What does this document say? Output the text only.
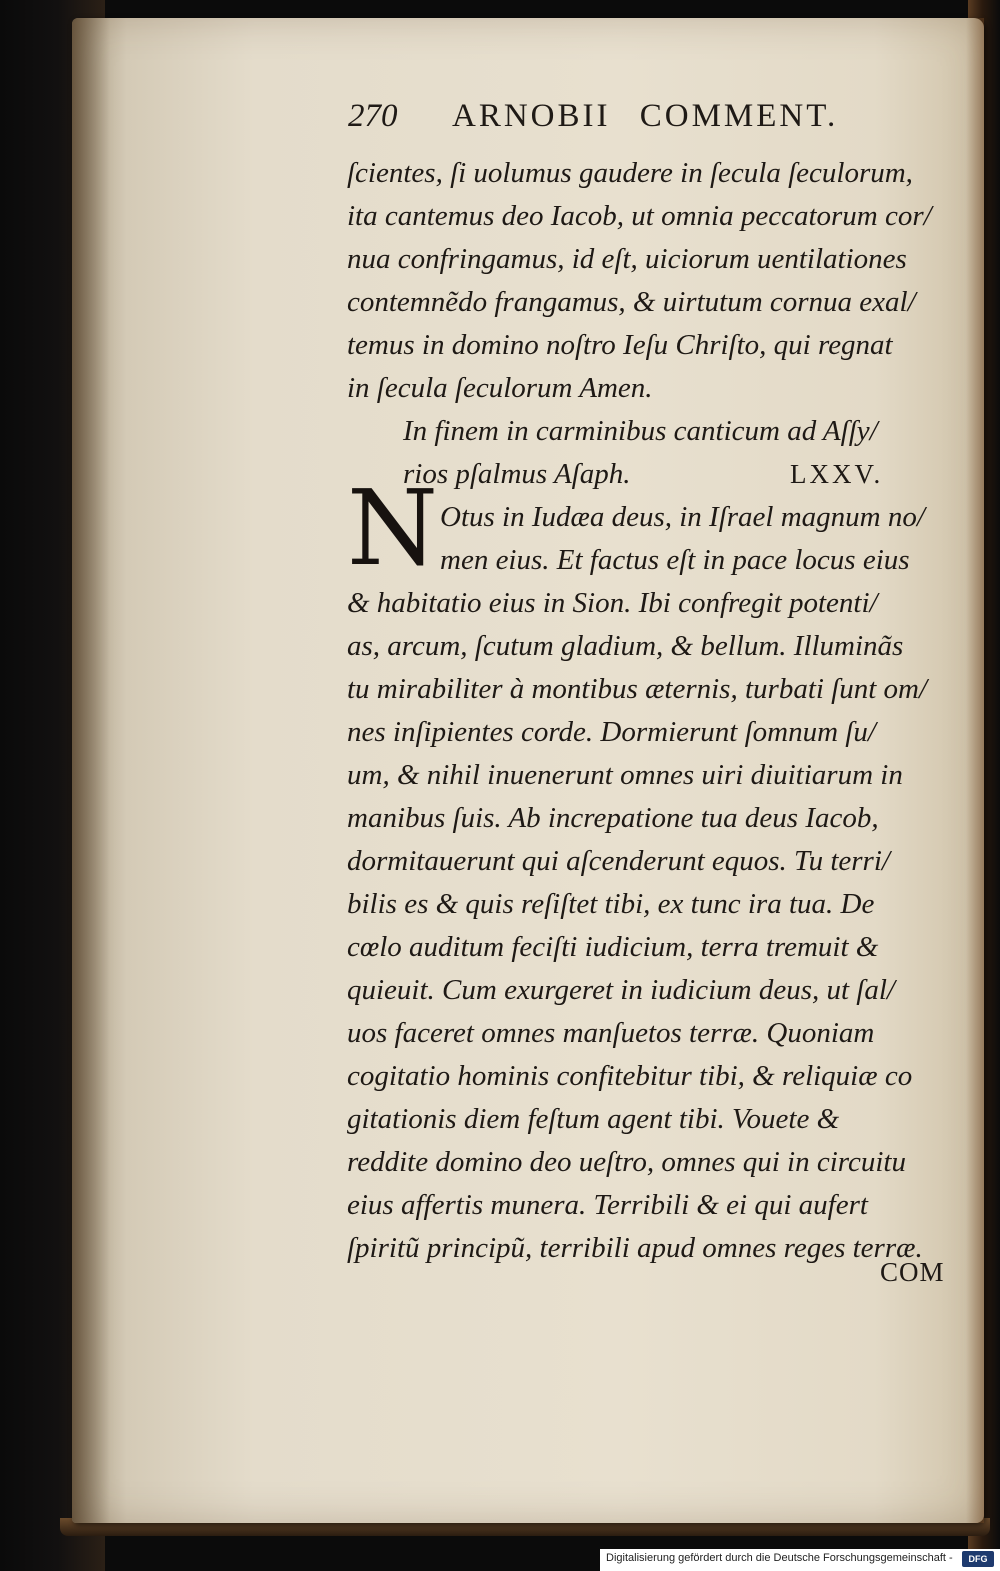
270 ARNOBII COMMENT.
ſcientes, ſi uolumus gaudere in ſecula ſeculorum,
ita cantemus deo Iacob, ut omnia peccatorum cor/
nua confringamus, id eſt, uiciorum uentilationes
contemnẽdo frangamus, & uirtutum cornua exal/
temus in domino noſtro Ieſu Chriſto, qui regnat
in ſecula ſeculorum Amen.
In finem in carminibus canticum ad Aſſy/
rios pſalmus Aſaph.	LXXV.
N Otus in Iudæa deus, in Iſrael magnum no/
men eius. Et factus eſt in pace locus eius
& habitatio eius in Sion. Ibi confregit potenti/
as, arcum, ſcutum gladium, & bellum. Illuminãs
tu mirabiliter à montibus æternis, turbati ſunt om/
nes inſipientes corde. Dormierunt ſomnum ſu/
um, & nihil inuenerunt omnes uiri diuitiarum in
manibus ſuis. Ab increpatione tua deus Iacob,
dormitauerunt qui aſcenderunt equos. Tu terri/
bilis es & quis reſiſtet tibi, ex tunc ira tua. De
cœlo auditum feciſti iudicium, terra tremuit &
quieuit. Cum exurgeret in iudicium deus, ut ſal/
uos faceret omnes manſuetos terræ. Quoniam
cogitatio hominis confitebitur tibi, & reliquiæ co
gitationis diem feſtum agent tibi. Vouete &
reddite domino deo ueſtro, omnes qui in circuitu
eius affertis munera. Terribili & ei qui aufert
ſpiritũ principũ, terribili apud omnes reges terræ.
COM
Digitalisierung gefördert durch die Deutsche Forschungsgemeinschaft -	DFG
